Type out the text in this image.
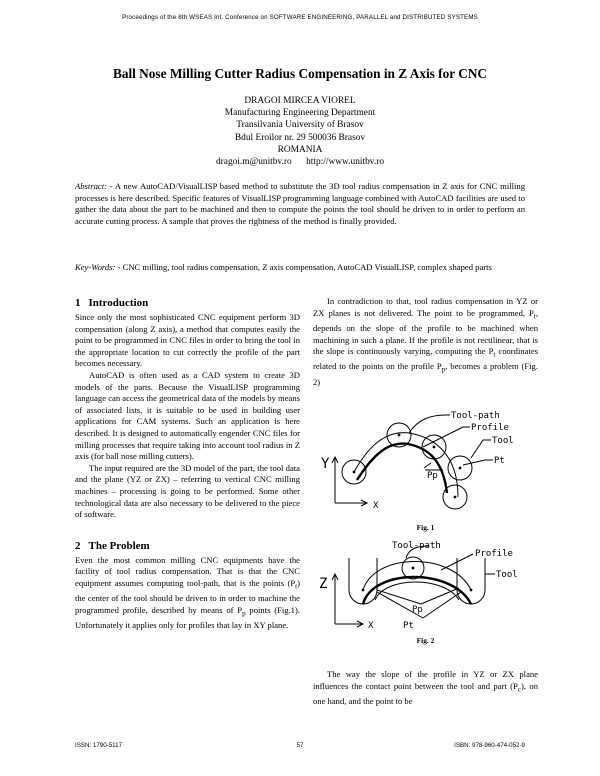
Proceedings of the 8th WSEAS Int. Conference on SOFTWARE ENGINEERING, PARALLEL and DISTRIBUTED SYSTEMS
Ball Nose Milling Cutter Radius Compensation in Z Axis for CNC
DRAGOI MIRCEA VIOREL
Manufacturing Engineering Department
Transilvania University of Brasov
Bdul Eroilor nr. 29 500036 Brasov
ROMANIA
dragoi.m@unitbv.ro http://www.unitbv.ro
Abstract: - A new AutoCAD/VisualLISP based method to substitute the 3D tool radius compensation in Z axis for CNC milling processes is here described. Specific features of VisualLISP programming language combined with AutoCAD facilities are used to gather the data about the part to be machined and then to compute the points the tool should be driven to in order to perform an accurate cutting process. A sample that proves the rightness of the method is finally provided.
Key-Words: - CNC milling, tool radius compensation, Z axis compensation, AutoCAD VisualLISP, complex shaped parts
1 Introduction

Since only the most sophisticated CNC equipment perform 3D compensation (along Z axis), a method that computes easily the point to be programmed in CNC files in order to bring the tool in the appropriate location to cut correctly the profile of the part becomes necessary.

AutoCAD is often used as a CAD system to create 3D models of the parts. Because the VisualLISP programming language can access the geometrical data of the models by means of associated lists, it is suitable to be used in building user applications for CAM systems. Such an application is here described. It is designed to automatically engender CNC files for milling processes that require taking into account tool radius in Z axis (for ball nose milling cutters).

The input required are the 3D model of the part, the tool data and the plane (YZ or ZX) – referring to vertical CNC milling machines – processing is going to be performed. Some other technological data are also necessary to be delivered to the piece of software.

2 The Problem

Even the most common milling CNC equipments have the facility of tool radius compensation. That is that the CNC equipment assumes computing tool-path, that is the points $(P_t)$ the center of the tool should be driven to in order to machine the programmed profile, described by means of $P_p$ points (Fig.1). Unfortunately it applies only for profiles that lay in XY plane.

In contradiction to that, tool radius compensation in YZ or ZX planes is not delivered. The point to be programmed, $P_t$, depends on the slope of the profile to be machined when machining in such a plane. If the profile is not rectilinear, that is the slope is continuously varying, computing the $P_t$ coordinates related to the points on the profile $P_p$, becomes a problem (Fig. 2)

Tool-path
Profile
Tool
Pt
Pp
Y
X
Fig. 1
Tool-path
Profile
Tool
Pp
Pt
Z
X
Fig. 2

The way the slope of the profile in YZ or ZX plane influences the contact point between the tool and part $(P_c)$, on one hand, and the point to be

ISSN: 1790-5117	57	ISBN: 978-960-474-052-9
